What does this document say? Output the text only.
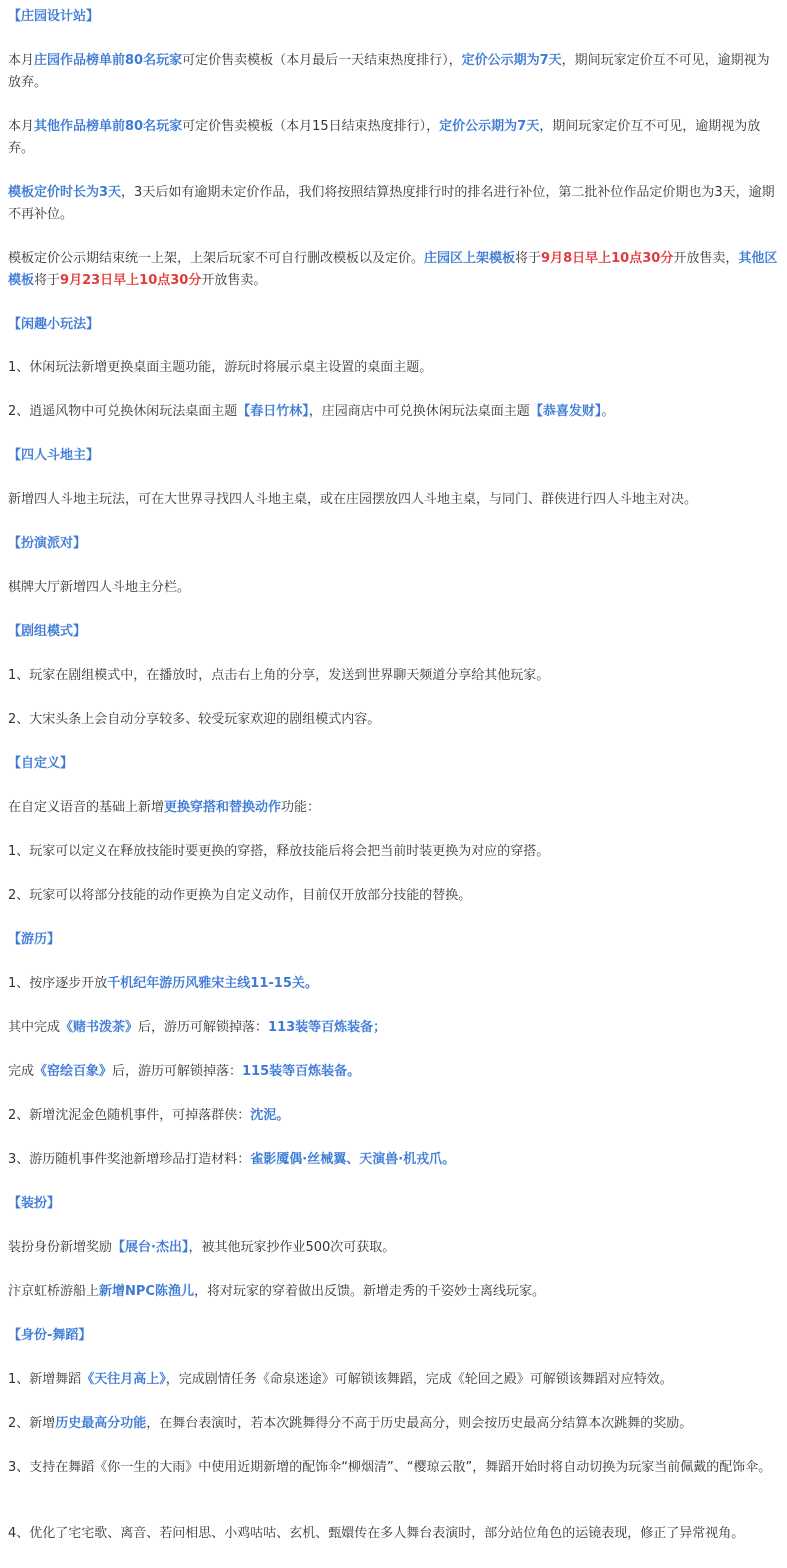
【庄园设计站】

本月庄园作品榜单前80名玩家可定价售卖模板（本月最后一天结束热度排行），定价公示期为7天，期间玩家定价互不可见，逾期视为放弃。

本月其他作品榜单前80名玩家可定价售卖模板（本月15日结束热度排行），定价公示期为7天，期间玩家定价互不可见，逾期视为放弃。

模板定价时长为3天，3天后如有逾期未定价作品，我们将按照结算热度排行时的排名进行补位，第二批补位作品定价期也为3天，逾期不再补位。

模板定价公示期结束统一上架，上架后玩家不可自行删改模板以及定价。庄园区上架模板将于9月8日早上10点30分开放售卖，其他区模板将于9月23日早上10点30分开放售卖。

【闲趣小玩法】

1、休闲玩法新增更换桌面主题功能，游玩时将展示桌主设置的桌面主题。

2、逍遥风物中可兑换休闲玩法桌面主题【春日竹林】，庄园商店中可兑换休闲玩法桌面主题【恭喜发财】。

【四人斗地主】

新增四人斗地主玩法，可在大世界寻找四人斗地主桌，或在庄园摆放四人斗地主桌，与同门、群侠进行四人斗地主对决。

【扮演派对】

棋牌大厅新增四人斗地主分栏。

【剧组模式】

1、玩家在剧组模式中，在播放时，点击右上角的分享，发送到世界聊天频道分享给其他玩家。

2、大宋头条上会自动分享较多、较受玩家欢迎的剧组模式内容。

【自定义】

在自定义语音的基础上新增更换穿搭和替换动作功能：

1、玩家可以定义在释放技能时要更换的穿搭，释放技能后将会把当前时装更换为对应的穿搭。

2、玩家可以将部分技能的动作更换为自定义动作，目前仅开放部分技能的替换。

【游历】

1、按序逐步开放千机纪年游历风雅宋主线11-15关。

其中完成《赌书泼茶》后，游历可解锁掉落：113装等百炼装备；

完成《窑绘百象》后，游历可解锁掉落：115装等百炼装备。

2、新增沈泥金色随机事件，可掉落群侠：沈泥。

3、游历随机事件奖池新增珍品打造材料：雀影魇偶·丝械翼、天演兽·机戎爪。

【装扮】

装扮身份新增奖励【展台·杰出】，被其他玩家抄作业500次可获取。

汴京虹桥游船上新增NPC陈渔儿，将对玩家的穿着做出反馈。新增走秀的千姿妙士离线玩家。

【身份-舞蹈】

1、新增舞蹈《天往月高上》，完成剧情任务《命泉迷途》可解锁该舞蹈，完成《轮回之殿》可解锁该舞蹈对应特效。

2、新增历史最高分功能，在舞台表演时，若本次跳舞得分不高于历史最高分，则会按历史最高分结算本次跳舞的奖励。

3、支持在舞蹈《你一生的大雨》中使用近期新增的配饰伞“柳烟清”、“樱琼云散”，舞蹈开始时将自动切换为玩家当前佩戴的配饰伞。

4、优化了宅宅歌、离音、若问相思、小鸡咕咕、玄机、甄嬛传在多人舞台表演时，部分站位角色的运镜表现，修正了异常视角。
